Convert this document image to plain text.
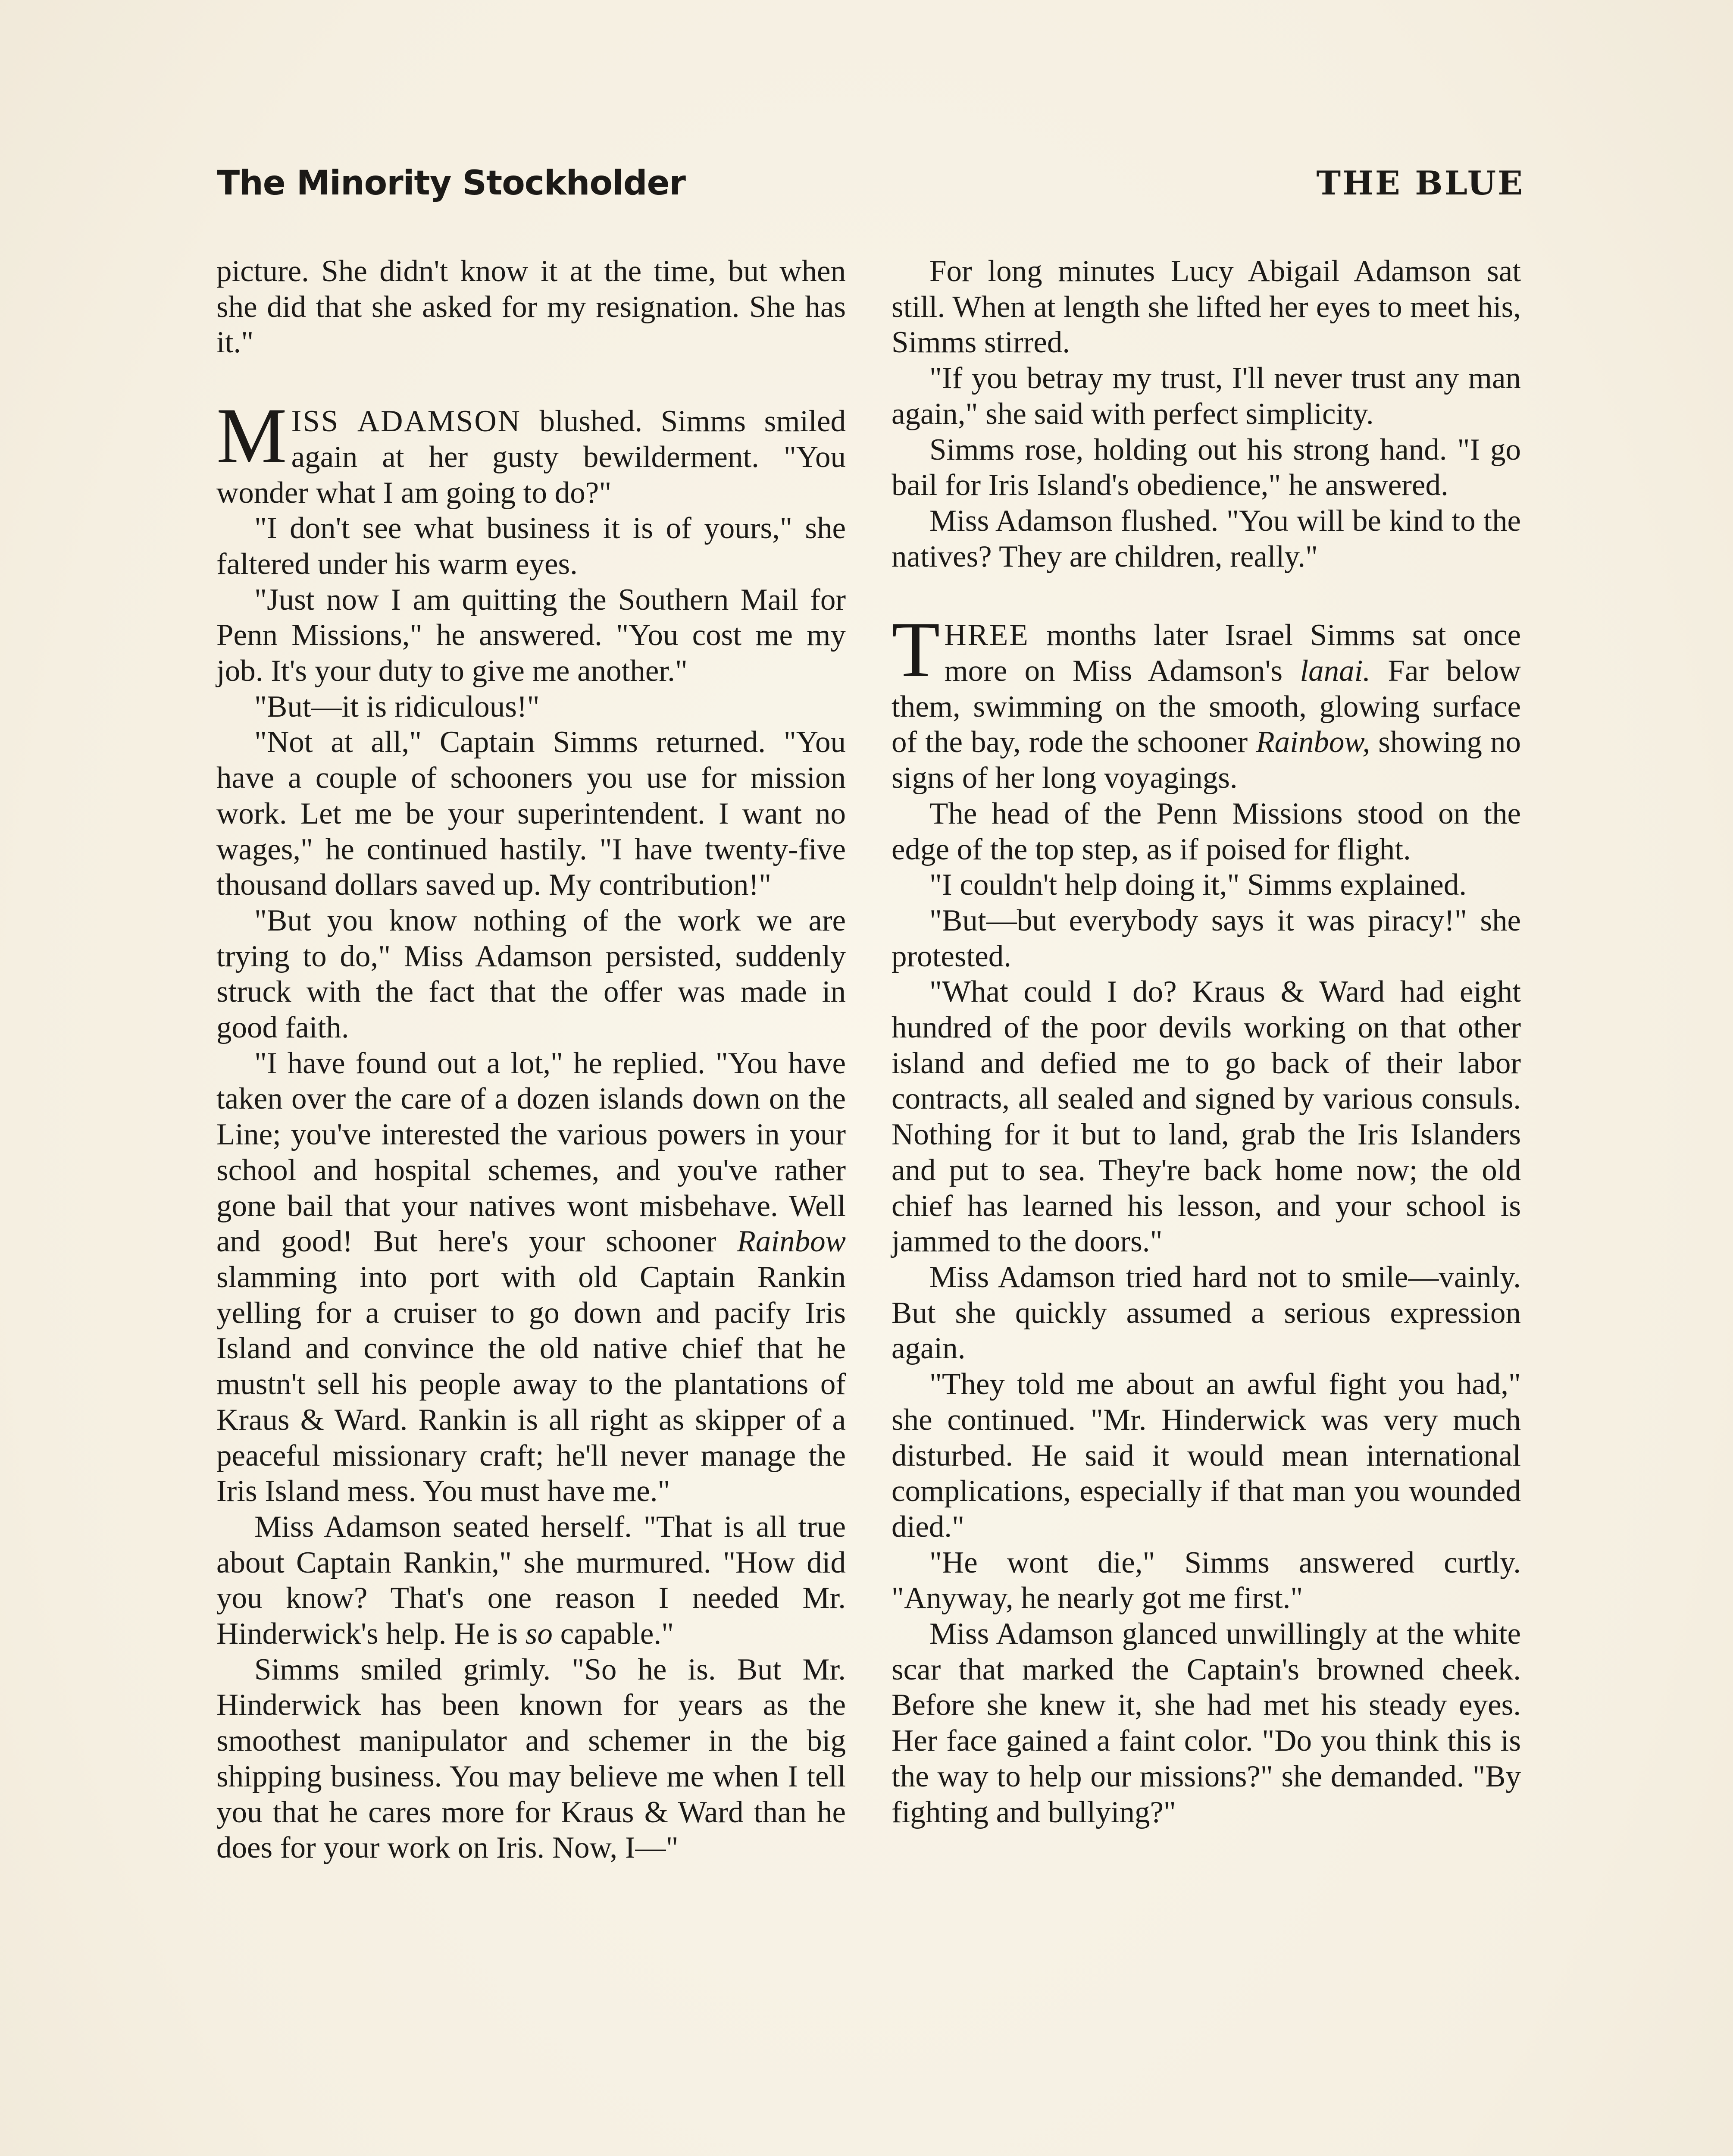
The Minority Stockholder	THE BLUE

picture. She didn't know it at the time, but when she did that she asked for my resignation. She has it."

MISS ADAMSON blushed. Simms smiled again at her gusty bewilderment. "You wonder what I am going to do?"

"I don't see what business it is of yours," she faltered under his warm eyes.

"Just now I am quitting the Southern Mail for Penn Missions," he answered. "You cost me my job. It's your duty to give me another."

"But—it is ridiculous!"

"Not at all," Captain Simms returned. "You have a couple of schooners you use for mission work. Let me be your superintendent. I want no wages," he continued hastily. "I have twenty-five thousand dollars saved up. My contribution!"

"But you know nothing of the work we are trying to do," Miss Adamson persisted, suddenly struck with the fact that the offer was made in good faith.

"I have found out a lot," he replied. "You have taken over the care of a dozen islands down on the Line; you've interested the various powers in your school and hospital schemes, and you've rather gone bail that your natives wont misbehave. Well and good! But here's your schooner Rainbow slamming into port with old Captain Rankin yelling for a cruiser to go down and pacify Iris Island and convince the old native chief that he mustn't sell his people away to the plantations of Kraus & Ward. Rankin is all right as skipper of a peaceful missionary craft; he'll never manage the Iris Island mess. You must have me."

Miss Adamson seated herself. "That is all true about Captain Rankin," she murmured. "How did you know? That's one reason I needed Mr. Hinderwick's help. He is so capable."

Simms smiled grimly. "So he is. But Mr. Hinderwick has been known for years as the smoothest manipulator and schemer in the big shipping business. You may believe me when I tell you that he cares more for Kraus & Ward than he does for your work on Iris. Now, I—"

For long minutes Lucy Abigail Adamson sat still. When at length she lifted her eyes to meet his, Simms stirred.

"If you betray my trust, I'll never trust any man again," she said with perfect simplicity.

Simms rose, holding out his strong hand. "I go bail for Iris Island's obedience," he answered.

Miss Adamson flushed. "You will be kind to the natives? They are children, really."

THREE months later Israel Simms sat once more on Miss Adamson's lanai. Far below them, swimming on the smooth, glowing surface of the bay, rode the schooner Rainbow, showing no signs of her long voyagings.

The head of the Penn Missions stood on the edge of the top step, as if poised for flight.

"I couldn't help doing it," Simms explained.

"But—but everybody says it was piracy!" she protested.

"What could I do? Kraus & Ward had eight hundred of the poor devils working on that other island and defied me to go back of their labor contracts, all sealed and signed by various consuls. Nothing for it but to land, grab the Iris Islanders and put to sea. They're back home now; the old chief has learned his lesson, and your school is jammed to the doors."

Miss Adamson tried hard not to smile—vainly. But she quickly assumed a serious expression again.

"They told me about an awful fight you had," she continued. "Mr. Hinderwick was very much disturbed. He said it would mean international complications, especially if that man you wounded died."

"He wont die," Simms answered curtly. "Anyway, he nearly got me first."

Miss Adamson glanced unwillingly at the white scar that marked the Captain's browned cheek. Before she knew it, she had met his steady eyes. Her face gained a faint color. "Do you think this is the way to help our missions?" she demanded. "By fighting and bullying?"
